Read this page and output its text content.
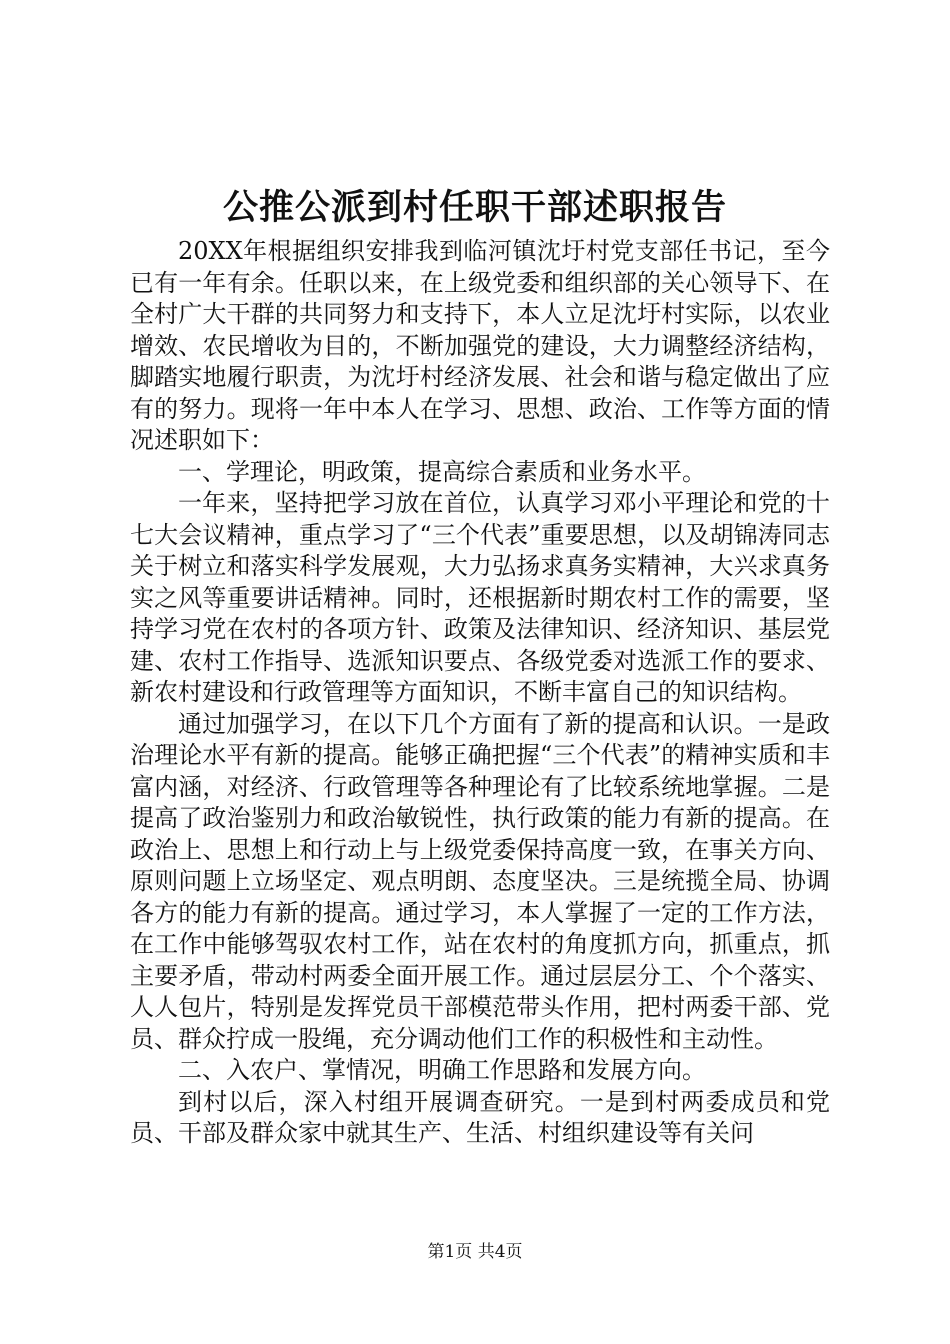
公推公派到村任职干部述职报告

20XX年根据组织安排我到临河镇沈圩村党支部任书记，至今已有一年有余。任职以来，在上级党委和组织部的关心领导下、在全村广大干群的共同努力和支持下，本人立足沈圩村实际，以农业增效、农民增收为目的，不断加强党的建设，大力调整经济结构，脚踏实地履行职责，为沈圩村经济发展、社会和谐与稳定做出了应有的努力。现将一年中本人在学习、思想、政治、工作等方面的情况述职如下：

一、学理论，明政策，提高综合素质和业务水平。

一年来，坚持把学习放在首位，认真学习邓小平理论和党的十七大会议精神，重点学习了“三个代表”重要思想，以及胡锦涛同志关于树立和落实科学发展观，大力弘扬求真务实精神，大兴求真务实之风等重要讲话精神。同时，还根据新时期农村工作的需要，坚持学习党在农村的各项方针、政策及法律知识、经济知识、基层党建、农村工作指导、选派知识要点、各级党委对选派工作的要求、新农村建设和行政管理等方面知识，不断丰富自己的知识结构。

通过加强学习，在以下几个方面有了新的提高和认识。一是政治理论水平有新的提高。能够正确把握“三个代表”的精神实质和丰富内涵，对经济、行政管理等各种理论有了比较系统地掌握。二是提高了政治鉴别力和政治敏锐性，执行政策的能力有新的提高。在政治上、思想上和行动上与上级党委保持高度一致，在事关方向、原则问题上立场坚定、观点明朗、态度坚决。三是统揽全局、协调各方的能力有新的提高。通过学习，本人掌握了一定的工作方法，在工作中能够驾驭农村工作，站在农村的角度抓方向，抓重点，抓主要矛盾，带动村两委全面开展工作。通过层层分工、个个落实、人人包片，特别是发挥党员干部模范带头作用，把村两委干部、党员、群众拧成一股绳，充分调动他们工作的积极性和主动性。

二、入农户、掌情况，明确工作思路和发展方向。

到村以后，深入村组开展调查研究。一是到村两委成员和党员、干部及群众家中就其生产、生活、村组织建设等有关问

第1页 共4页
